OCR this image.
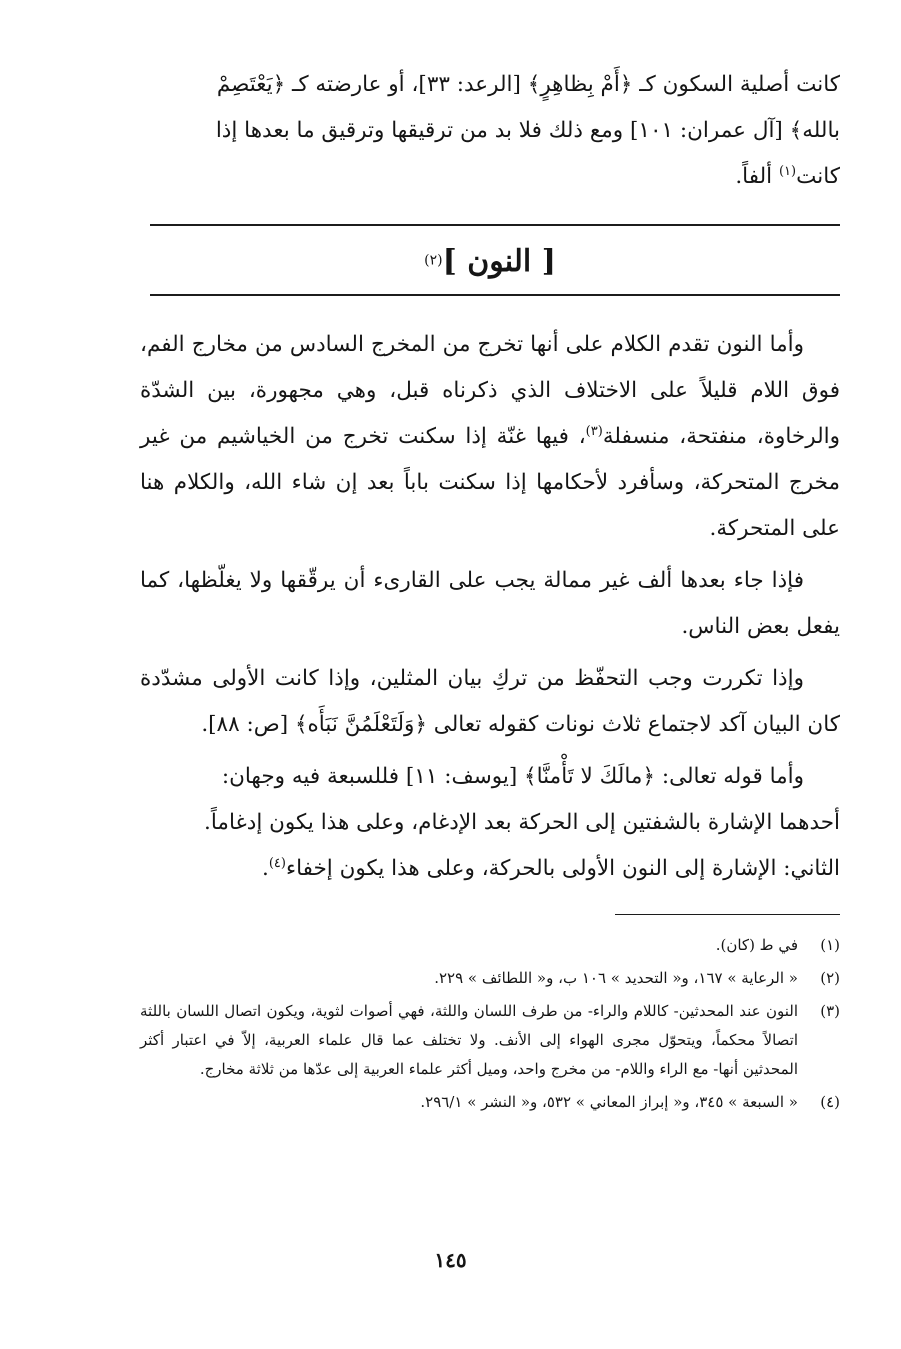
كانت أصلية السكون كـ ﴿أَمْ بِظاهِرٍ﴾ [الرعد: ٣٣]، أو عارضته كـ ﴿يَعْتَصِمْ
بالله﴾ [آل عمران: ١٠١] ومع ذلك فلا بد من ترقيقها وترقيق ما بعدها إذا
كانت$^{(١)}$ ألفاً.
[ النون ](٢)

وأما النون تقدم الكلام على أنها تخرج من المخرج السادس من مخارج الفم، فوق اللام قليلاً على الاختلاف الذي ذكرناه قبل، وهي مجهورة، بين الشدّة والرخاوة، منفتحة، منسفلة$^{(٣)}$، فيها غنّة إذا سكنت تخرج من الخياشيم من غير مخرج المتحركة، وسأفرد لأحكامها إذا سكنت باباً بعد إن شاء الله، والكلام هنا على المتحركة.

فإذا جاء بعدها ألف غير ممالة يجب على القارىء أن يرقّقها ولا يغلّظها، كما يفعل بعض الناس.

وإذا تكررت وجب التحفّظ من تركِ بيان المثلين، وإذا كانت الأولى مشدّدة كان البيان آكد لاجتماع ثلاث نونات كقوله تعالى ﴿وَلَتَعْلَمُنَّ نَبَأَه﴾ [ص: ٨٨].

وأما قوله تعالى: ﴿مالَكَ لا تَأْمنَّا﴾ [يوسف: ١١] فللسبعة فيه وجهان:
أحدهما الإشارة بالشفتين إلى الحركة بعد الإدغام، وعلى هذا يكون إدغاماً.
الثاني: الإشارة إلى النون الأولى بالحركة، وعلى هذا يكون إخفاء$^{(٤)}$.
(١)
في ط (كان).
(٢)
« الرعاية » ١٦٧، و« التحديد » ١٠٦ ب، و« اللطائف » ٢٢٩.
(٣)
النون عند المحدثين- كاللام والراء- من طرف اللسان واللثة، فهي أصوات لثوية، ويكون اتصال اللسان باللثة اتصالاً محكماً، ويتحوّل مجرى الهواء إلى الأنف. ولا تختلف عما قال علماء العربية، إلاّ في اعتبار أكثر المحدثين أنها- مع الراء واللام- من مخرج واحد، وميل أكثر علماء العربية إلى عدّها من ثلاثة مخارج.
(٤)
« السبعة » ٣٤٥، و« إبراز المعاني » ٥٣٢، و« النشر » ٢٩٦/١.
١٤٥
